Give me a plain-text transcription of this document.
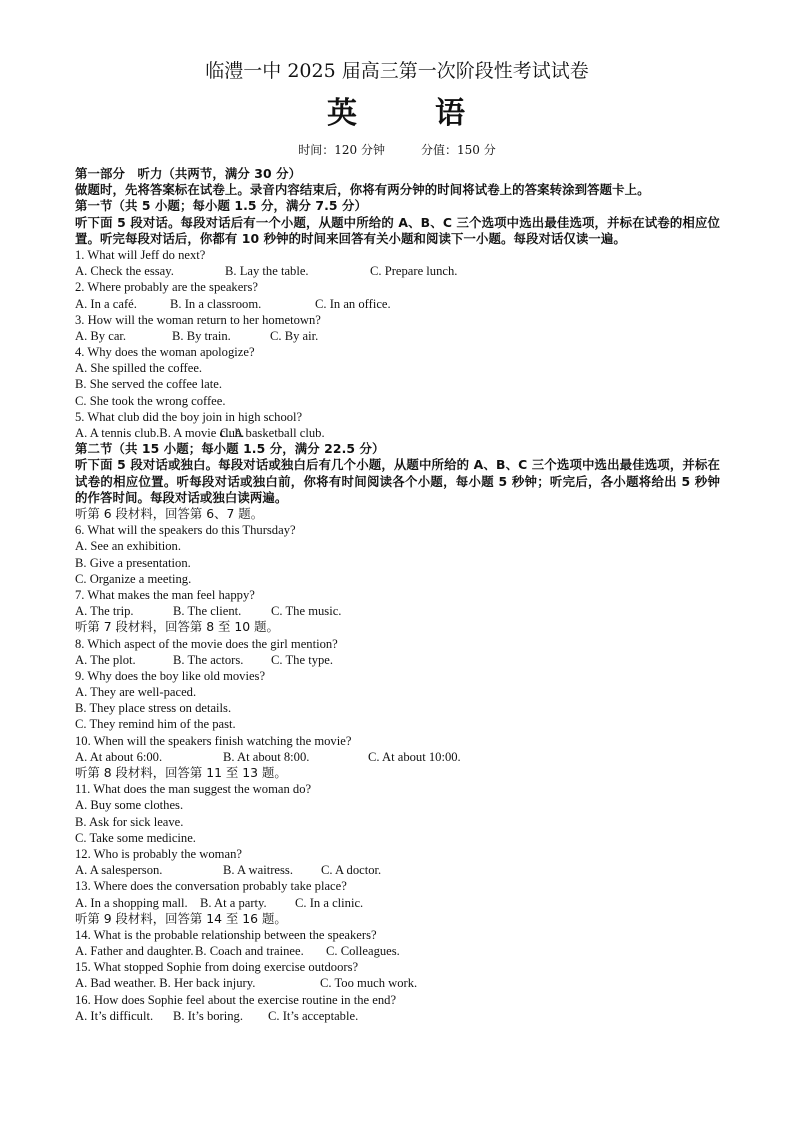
临澧一中 2025 届高三第一次阶段性考试试卷
英	语
时间：120 分钟	分值：150 分
第一部分　听力（共两节，满分 30 分）
做题时，先将答案标在试卷上。录音内容结束后，你将有两分钟的时间将试卷上的答案转涂到答题卡上。
第一节（共 5 小题；每小题 1.5 分，满分 7.5 分）
听下面 5 段对话。每段对话后有一个小题，从题中所给的 A、B、C 三个选项中选出最佳选项，并标在试卷的相应位置。听完每段对话后，你都有 10 秒钟的时间来回答有关小题和阅读下一小题。每段对话仅读一遍。
1. What will Jeff do next?
A. Check the essay.	B. Lay the table.	C. Prepare lunch.
2. Where probably are the speakers?
A. In a café.	B. In a classroom.	C. In an office.
3. How will the woman return to her hometown?
A. By car.	B. By train.	C. By air.
4. Why does the woman apologize?
A. She spilled the coffee.
B. She served the coffee late.
C. She took the wrong coffee.
5. What club did the boy join in high school?
A. A tennis club.B. A movie club.C. A basketball club.
第二节（共 15 小题；每小题 1.5 分，满分 22.5 分）
听下面 5 段对话或独白。每段对话或独白后有几个小题，从题中所给的 A、B、C 三个选项中选出最佳选项，并标在试卷的相应位置。听每段对话或独白前，你将有时间阅读各个小题，每小题 5 秒钟；听完后，各小题将给出 5 秒钟的作答时间。每段对话或独白读两遍。
听第 6 段材料，回答第 6、7 题。
6. What will the speakers do this Thursday?
A. See an exhibition.
B. Give a presentation.
C. Organize a meeting.
7. What makes the man feel happy?
A. The trip.	B. The client. C. The music.
听第 7 段材料，回答第 8 至 10 题。
8. Which aspect of the movie does the girl mention?
A. The plot.	B. The actors. C. The type.
9. Why does the boy like old movies?
A. They are well-paced.
B. They place stress on details.
C. They remind him of the past.
10. When will the speakers finish watching the movie?
A. At about 6:00.	B. At about 8:00.	C. At about 10:00.
听第 8 段材料，回答第 11 至 13 题。
11. What does the man suggest the woman do?
A. Buy some clothes.
B. Ask for sick leave.
C. Take some medicine.
12. Who is probably the woman?
A. A salesperson.	B. A waitress. C. A doctor.
13. Where does the conversation probably take place?
A. In a shopping mall. B. At a party. C. In a clinic.
听第 9 段材料，回答第 14 至 16 题。
14. What is the probable relationship between the speakers?
A. Father and daughter.B. Coach and trainee. C. Colleagues.
15. What stopped Sophie from doing exercise outdoors?
A. Bad weather. B. Her back injury.	C. Too much work.
16. How does Sophie feel about the exercise routine in the end?
A. It’s difficult. B. It’s boring. C. It’s acceptable.
